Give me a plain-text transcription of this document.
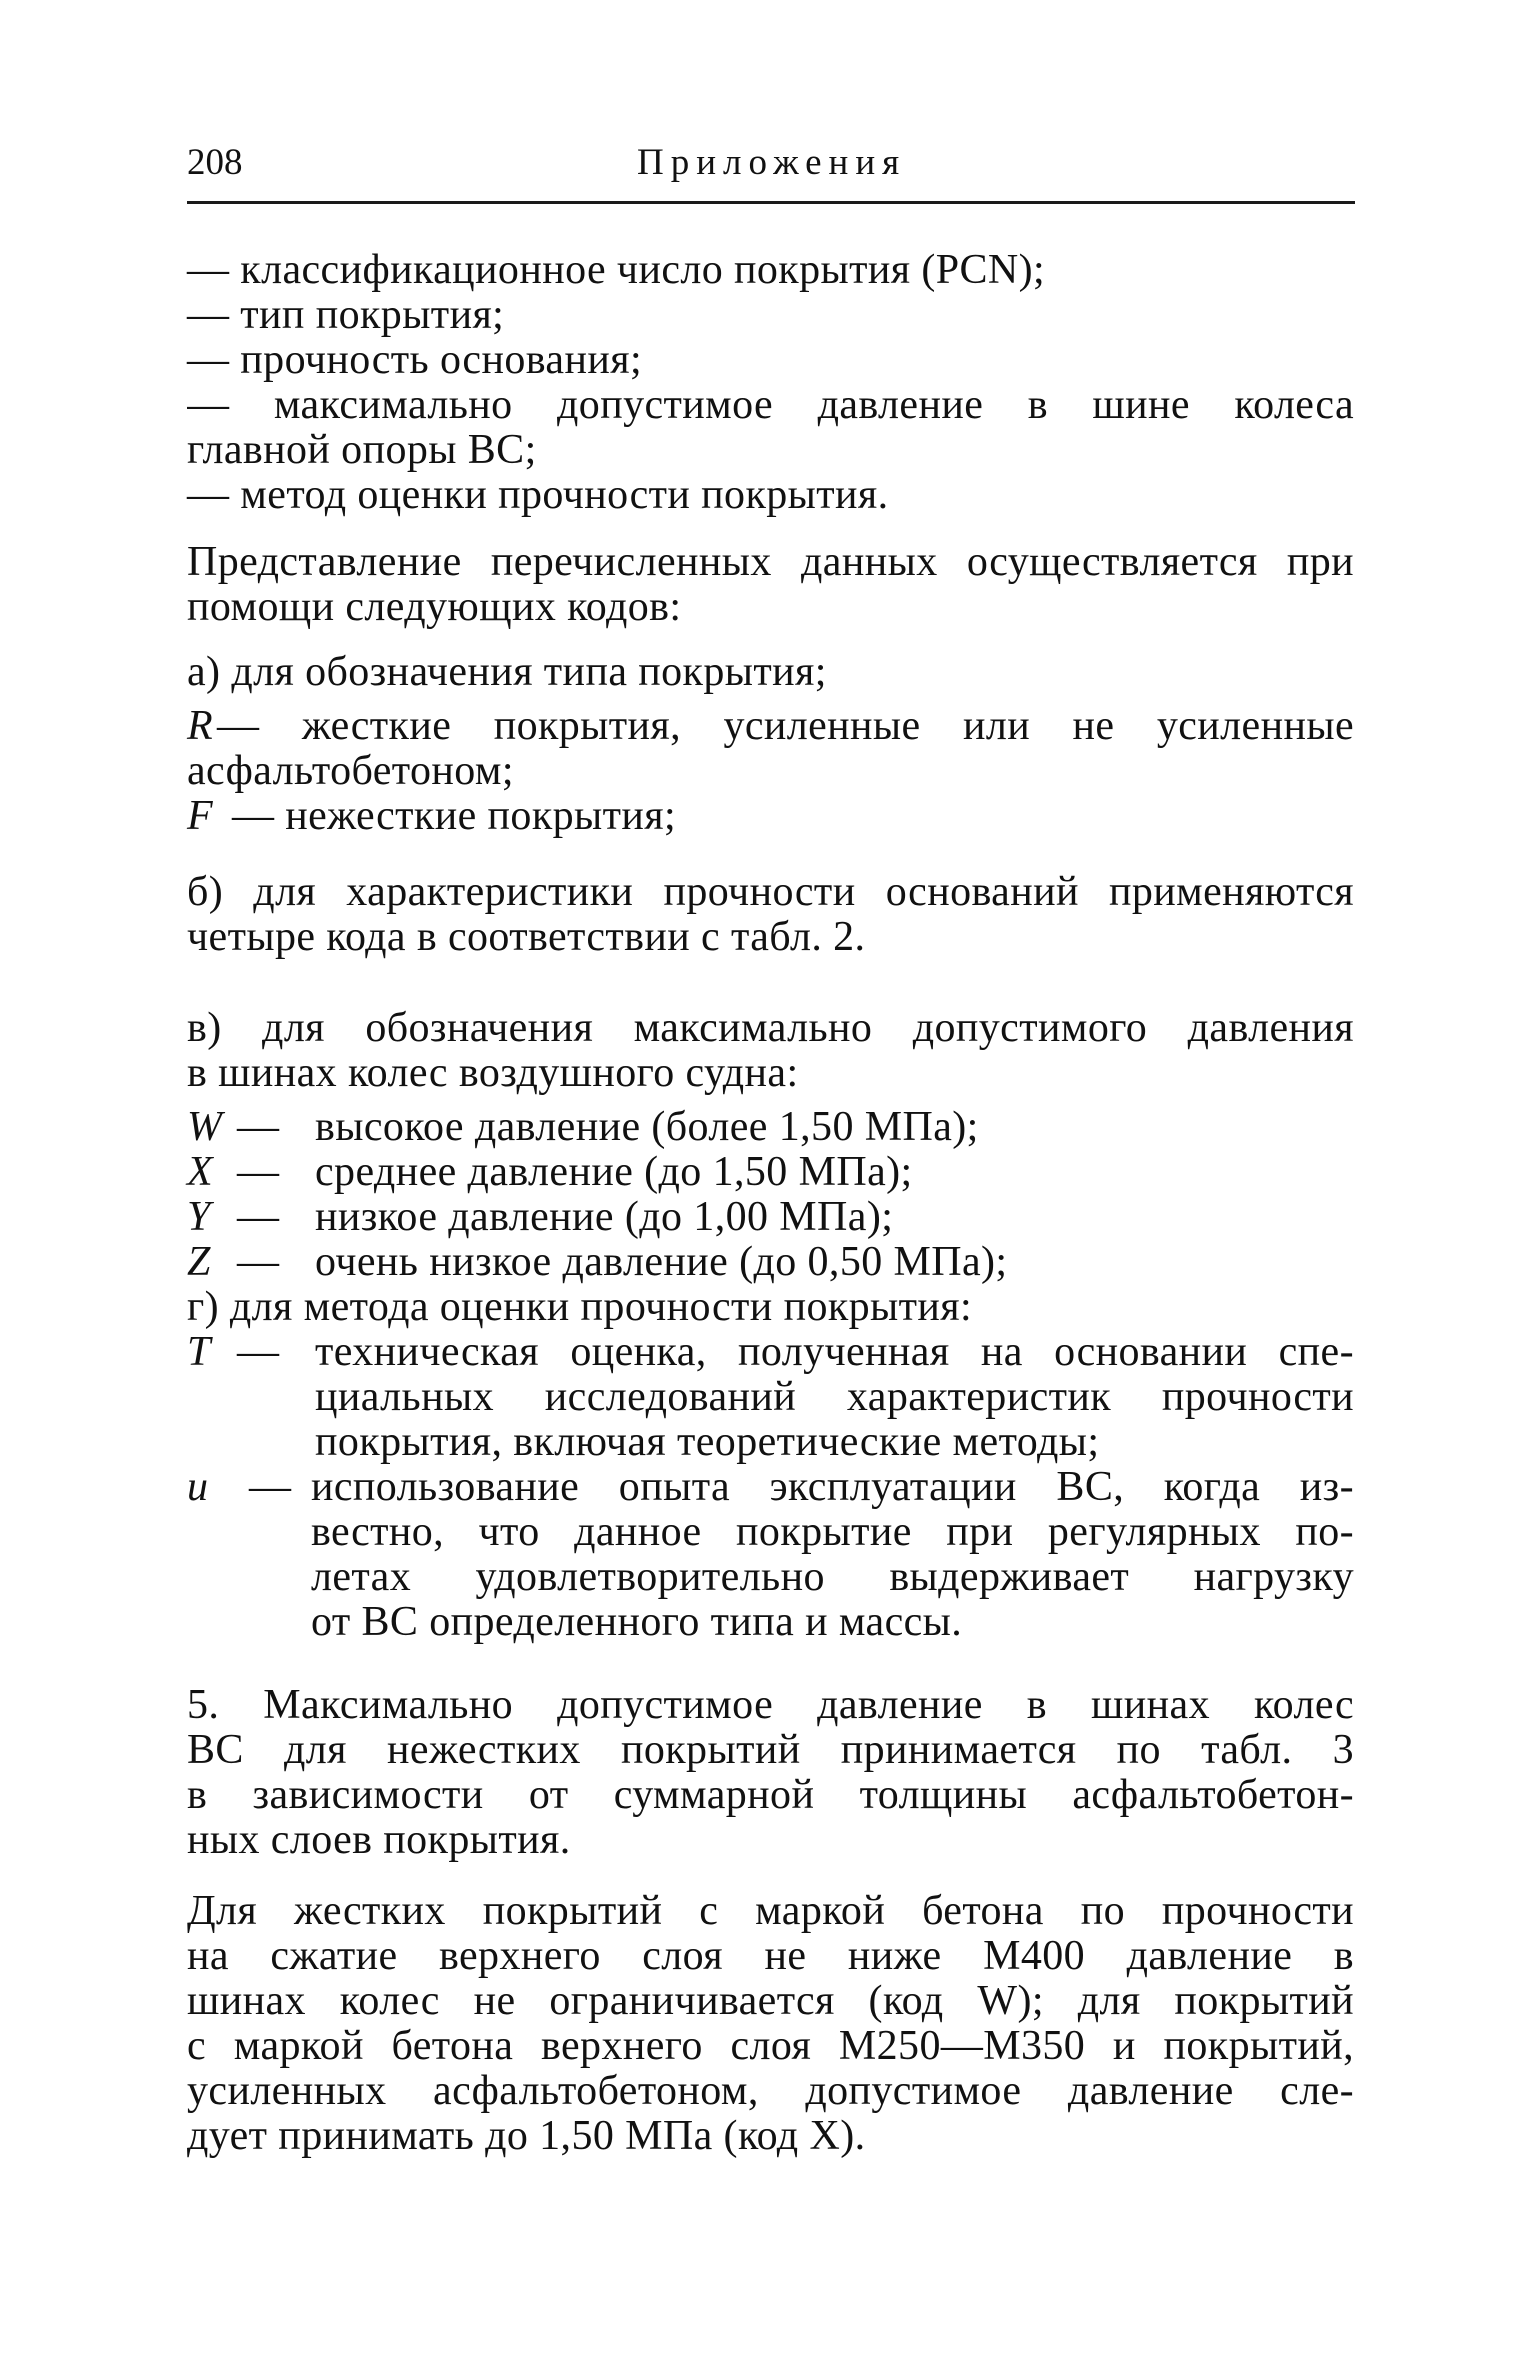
208	Приложения
— классификационное число покрытия (PCN);
— тип покрытия;
— прочность основания;
— максимально допустимое давление в шине колеса
главной опоры ВС;
— метод оценки прочности покрытия.
Представление перечисленных данных осуществляется при
помощи следующих кодов:
а) для обозначения типа покрытия;
R — жесткие покрытия, усиленные или не усиленные
асфальтобетоном;
F — нежесткие покрытия;
б) для характеристики прочности оснований применяются
четыре кода в соответствии с табл. 2.
в) для обозначения максимально допустимого давления
в шинах колес воздушного судна:
W — высокое давление (более 1,50 МПа);
X — среднее давление (до 1,50 МПа);
Y — низкое давление (до 1,00 МПа);
Z — очень низкое давление (до 0,50 МПа);
г) для метода оценки прочности покрытия:
T — техническая оценка, полученная на основании спе-
циальных исследований характеристик прочности
покрытия, включая теоретические методы;
u — использование опыта эксплуатации ВС, когда из-
вестно, что данное покрытие при регулярных по-
летах удовлетворительно выдерживает нагрузку
от ВС определенного типа и массы.
5. Максимально допустимое давление в шинах колес
ВС для нежестких покрытий принимается по табл. 3
в зависимости от суммарной толщины асфальтобетон-
ных слоев покрытия.
Для жестких покрытий с маркой бетона по прочности
на сжатие верхнего слоя не ниже М400 давление в
шинах колес не ограничивается (код W); для покрытий
с маркой бетона верхнего слоя М250—М350 и покрытий,
усиленных асфальтобетоном, допустимое давление сле-
дует принимать до 1,50 МПа (код Х).
